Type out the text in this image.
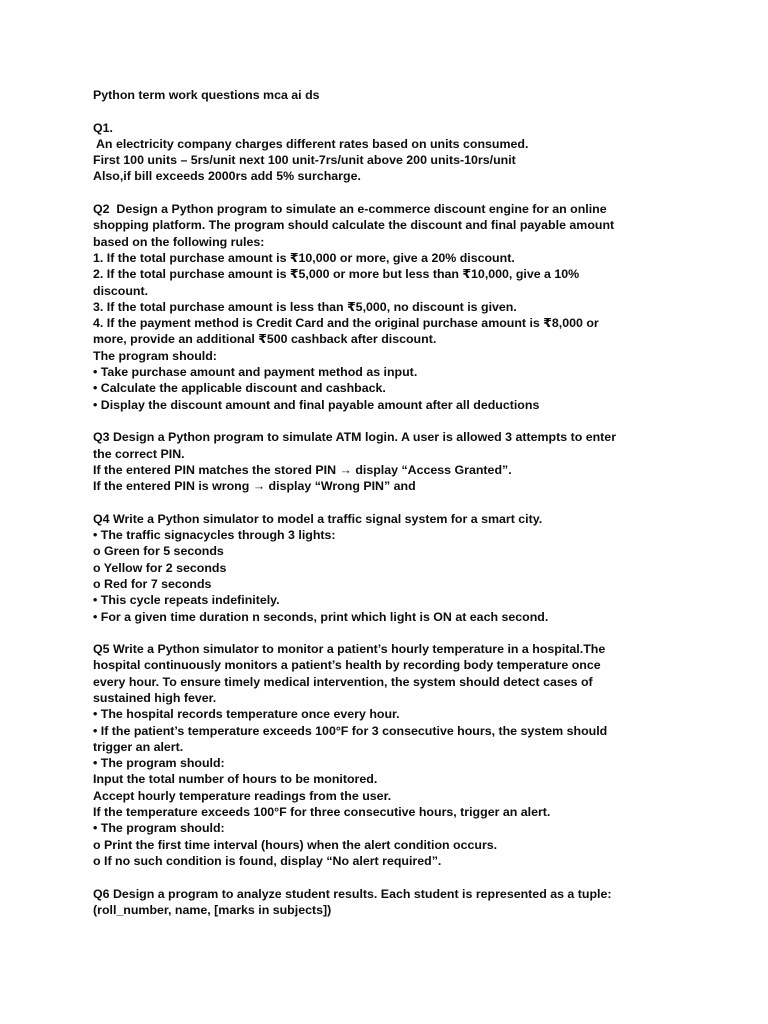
Python term work questions mca ai ds
Q1.
An electricity company charges different rates based on units consumed.
First 100 units – 5rs/unit next 100 unit-7rs/unit above 200 units-10rs/unit
Also,if bill exceeds 2000rs add 5% surcharge.
Q2  Design a Python program to simulate an e-commerce discount engine for an online
shopping platform. The program should calculate the discount and final payable amount
based on the following rules:
1. If the total purchase amount is ₹10,000 or more, give a 20% discount.
2. If the total purchase amount is ₹5,000 or more but less than ₹10,000, give a 10%
discount.
3. If the total purchase amount is less than ₹5,000, no discount is given.
4. If the payment method is Credit Card and the original purchase amount is ₹8,000 or
more, provide an additional ₹500 cashback after discount.
The program should:
• Take purchase amount and payment method as input.
• Calculate the applicable discount and cashback.
• Display the discount amount and final payable amount after all deductions
Q3 Design a Python program to simulate ATM login. A user is allowed 3 attempts to enter
the correct PIN.
If the entered PIN matches the stored PIN → display “Access Granted”.
If the entered PIN is wrong → display “Wrong PIN” and
Q4 Write a Python simulator to model a traffic signal system for a smart city.
• The traffic signacycles through 3 lights:
o Green for 5 seconds
o Yellow for 2 seconds
o Red for 7 seconds
• This cycle repeats indefinitely.
• For a given time duration n seconds, print which light is ON at each second.
Q5 Write a Python simulator to monitor a patient’s hourly temperature in a hospital.The
hospital continuously monitors a patient’s health by recording body temperature once
every hour. To ensure timely medical intervention, the system should detect cases of
sustained high fever.
• The hospital records temperature once every hour.
• If the patient’s temperature exceeds 100°F for 3 consecutive hours, the system should
trigger an alert.
• The program should:
Input the total number of hours to be monitored.
Accept hourly temperature readings from the user.
If the temperature exceeds 100°F for three consecutive hours, trigger an alert.
• The program should:
o Print the first time interval (hours) when the alert condition occurs.
o If no such condition is found, display “No alert required”.
Q6 Design a program to analyze student results. Each student is represented as a tuple:
(roll_number, name, [marks in subjects])
